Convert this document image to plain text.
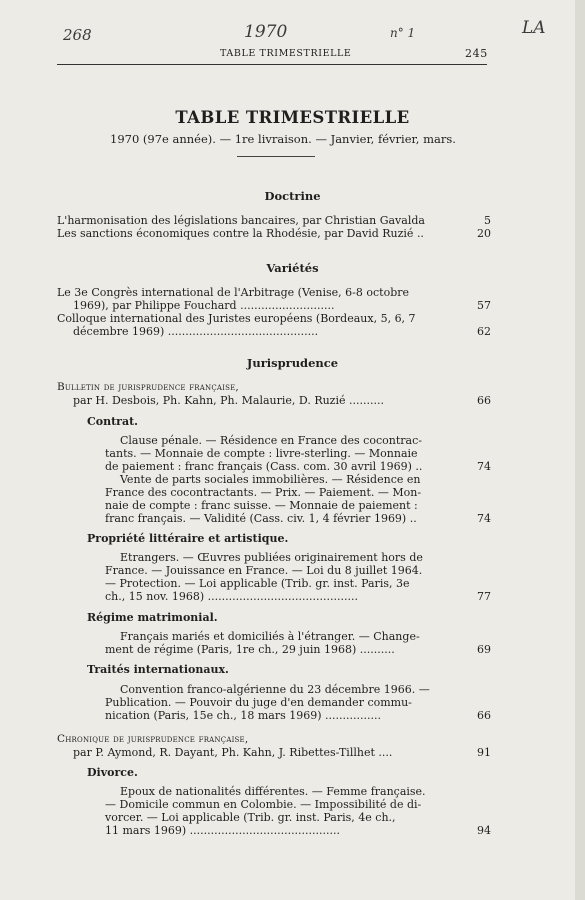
268	1970	n° 1	LA
TABLE TRIMESTRIELLE	245
TABLE TRIMESTRIELLE
1970 (97e année). — 1re livraison. — Janvier, février, mars.
Doctrine
L'harmonisation des législations bancaires, par Christian Gavalda	5
Les sanctions économiques contre la Rhodésie, par David Ruzié ..	20
Variétés
Le 3e Congrès international de l'Arbitrage (Venise, 6-8 octobre
1969), par Philippe Fouchard ...........................	57
Colloque international des Juristes européens (Bordeaux, 5, 6, 7
décembre 1969) ...........................................	62
Jurisprudence
Bulletin de jurisprudence française,
par H. Desbois, Ph. Kahn, Ph. Malaurie, D. Ruzié ..........	66
Contrat.
Clause pénale. — Résidence en France des cocontrac-
tants. — Monnaie de compte : livre-sterling. — Monnaie
de paiement : franc français (Cass. com. 30 avril 1969) ..	74
Vente de parts sociales immobilières. — Résidence en
France des cocontractants. — Prix. — Paiement. — Mon-
naie de compte : franc suisse. — Monnaie de paiement :
franc français. — Validité (Cass. civ. 1, 4 février 1969) ..	74
Propriété littéraire et artistique.
Etrangers. — Œuvres publiées originairement hors de
France. — Jouissance en France. — Loi du 8 juillet 1964.
— Protection. — Loi applicable (Trib. gr. inst. Paris, 3e
ch., 15 nov. 1968) ...........................................	77
Régime matrimonial.
Français mariés et domiciliés à l'étranger. — Change-
ment de régime (Paris, 1re ch., 29 juin 1968) ..........	69
Traités internationaux.
Convention franco-algérienne du 23 décembre 1966. —
Publication. — Pouvoir du juge d'en demander commu-
nication (Paris, 15e ch., 18 mars 1969) ................	66
Chronique de jurisprudence française,
par P. Aymond, R. Dayant, Ph. Kahn, J. Ribettes-Tillhet ....	91
Divorce.
Epoux de nationalités différentes. — Femme française.
— Domicile commun en Colombie. — Impossibilité de di-
vorcer. — Loi applicable (Trib. gr. inst. Paris, 4e ch.,
11 mars 1969) ...........................................	94
